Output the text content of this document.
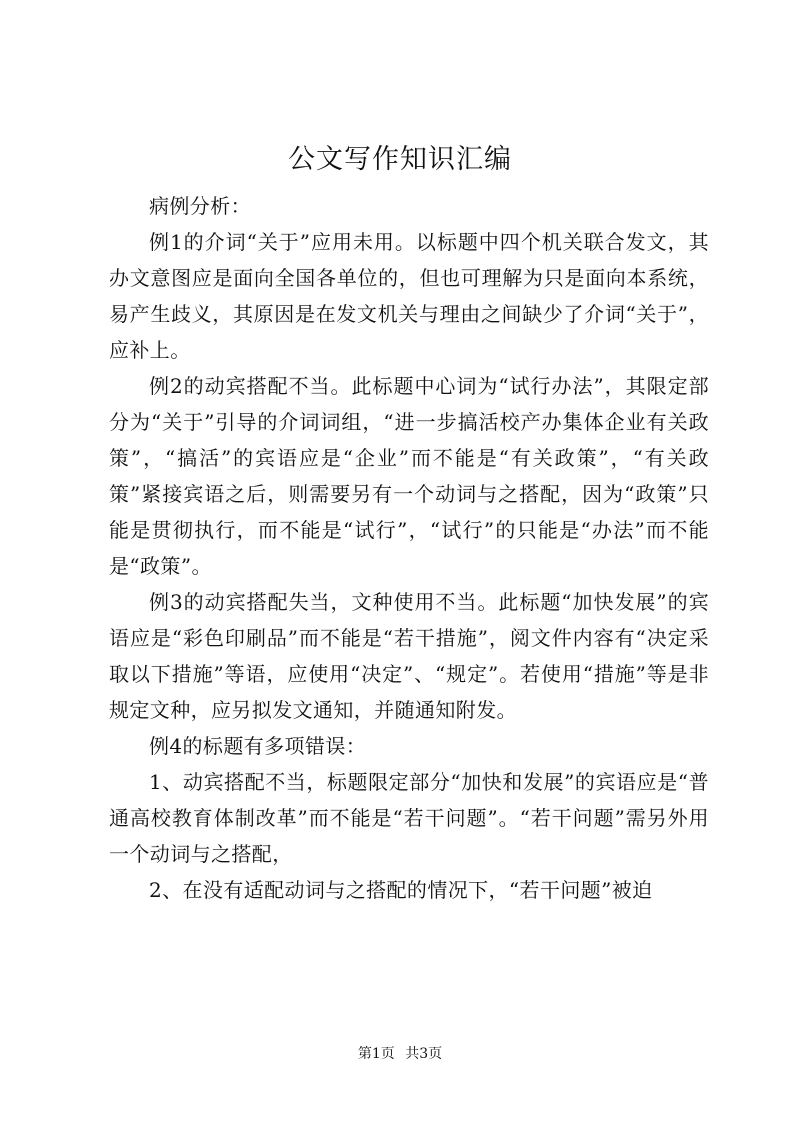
公文写作知识汇编

病例分析：

例1的介词“关于”应用未用。以标题中四个机关联合发文，其办文意图应是面向全国各单位的，但也可理解为只是面向本系统，易产生歧义，其原因是在发文机关与理由之间缺少了介词“关于”，应补上。

例2的动宾搭配不当。此标题中心词为“试行办法”，其限定部分为“关于”引导的介词词组，“进一步搞活校产办集体企业有关政策”，“搞活”的宾语应是“企业”而不能是“有关政策”，“有关政策”紧接宾语之后，则需要另有一个动词与之搭配，因为“政策”只能是贯彻执行，而不能是“试行”，“试行”的只能是“办法”而不能是“政策”。

例3的动宾搭配失当，文种使用不当。此标题“加快发展”的宾语应是“彩色印刷品”而不能是“若干措施”，阅文件内容有“决定采取以下措施”等语，应使用“决定”、“规定”。若使用“措施”等是非规定文种，应另拟发文通知，并随通知附发。

例4的标题有多项错误：

1、动宾搭配不当，标题限定部分“加快和发展”的宾语应是“普通高校教育体制改革”而不能是“若干问题”。“若干问题”需另外用一个动词与之搭配，

2、在没有适配动词与之搭配的情况下，“若干问题”被迫

第1页 共3页
